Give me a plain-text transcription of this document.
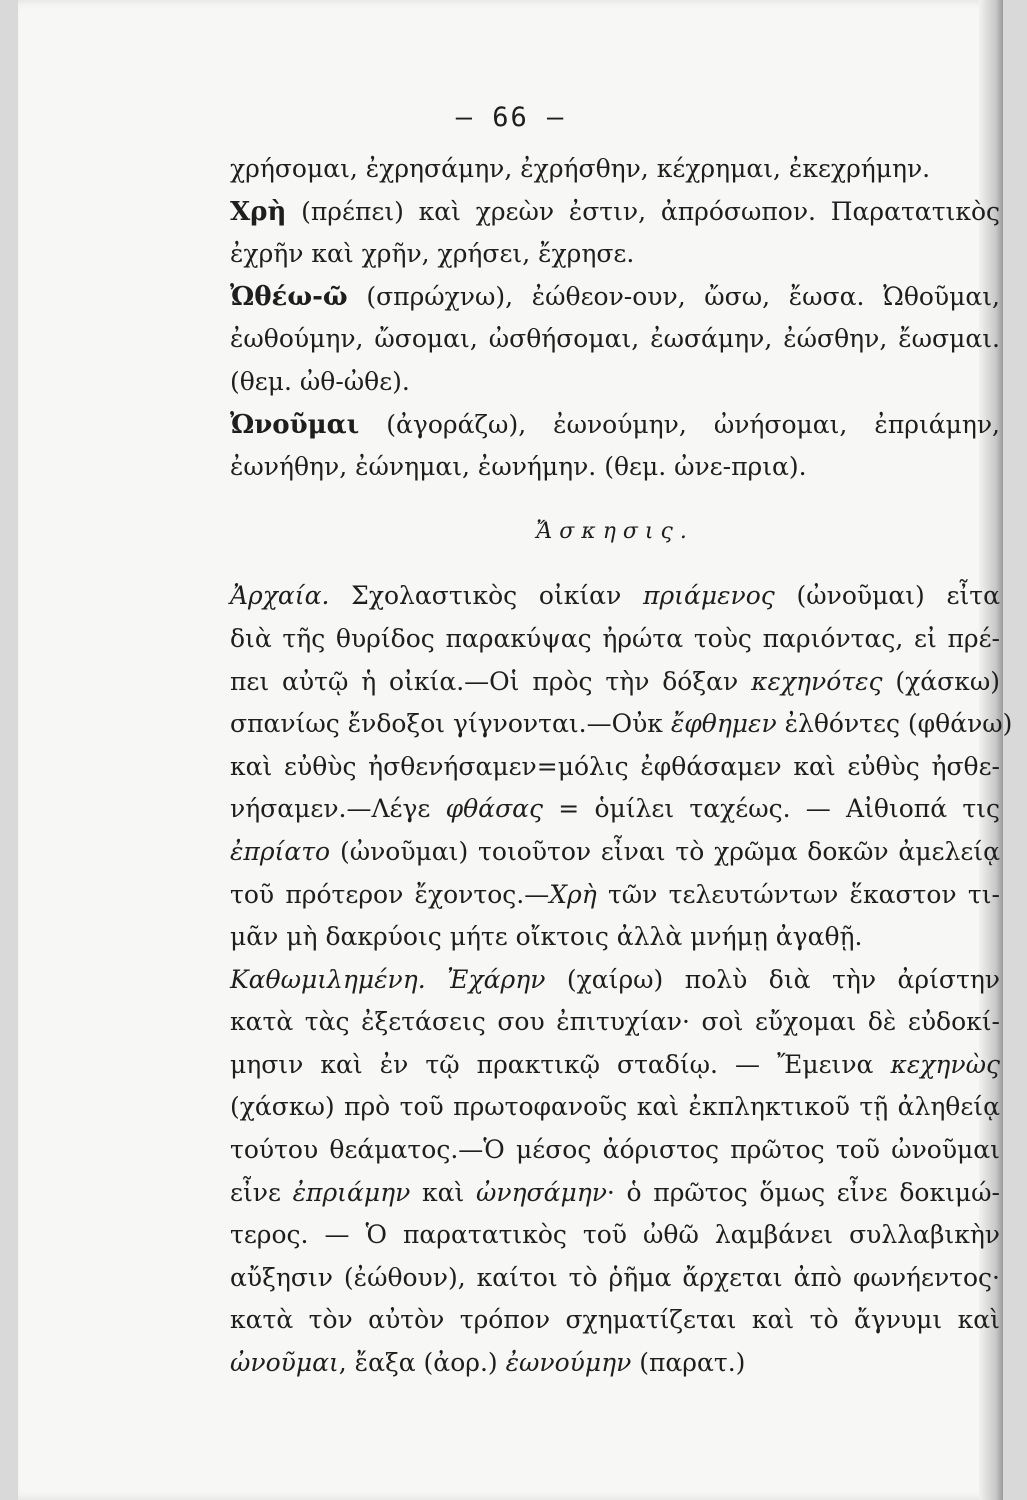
— 66 —
χρήσομαι, ἐχρησάμην, ἐχρήσθην, κέχρημαι, ἐκεχρήμην.
Χρὴ (πρέπει) καὶ χρεὼν ἐστιν, ἀπρόσωπον. Παρατατικὸς
ἐχρῆν καὶ χρῆν, χρήσει, ἔχρησε.
Ὠθέω-ῶ (σπρώχνω), ἐώθεον-ουν, ὤσω, ἔωσα. Ὠθοῦμαι,
ἐωθούμην, ὤσομαι, ὠσθήσομαι, ἐωσάμην, ἐώσθην, ἔωσμαι.
(θεμ. ὠθ-ὠθε).
Ὠνοῦμαι (ἀγοράζω), ἐωνούμην, ὠνήσομαι, ἐπριάμην,
ἐωνήθην, ἐώνημαι, ἐωνήμην. (θεμ. ὠνε-πρια).
Ἄσκησις.
Ἀρχαία. Σχολαστικὸς οἰκίαν πριάμενος (ὠνοῦμαι) εἶτα
διὰ τῆς θυρίδος παρακύψας ἠρώτα τοὺς παριόντας, εἰ πρέ-
πει αὐτῷ ἡ οἰκία.—Οἱ πρὸς τὴν δόξαν κεχηνότες (χάσκω)
σπανίως ἔνδοξοι γίγνονται.—Οὐκ ἔφθημεν ἐλθόντες (φθάνω)
καὶ εὐθὺς ἠσθενήσαμεν=μόλις ἐφθάσαμεν καὶ εὐθὺς ἠσθε-
νήσαμεν.—Λέγε φθάσας = ὁμίλει ταχέως. — Αἰθιοπά τις
ἐπρίατο (ὠνοῦμαι) τοιοῦτον εἶναι τὸ χρῶμα δοκῶν ἀμελείᾳ
τοῦ πρότερον ἔχοντος.—Χρὴ τῶν τελευτώντων ἕκαστον τι-
μᾶν μὴ δακρύοις μήτε οἴκτοις ἀλλὰ μνήμῃ ἀγαθῇ.
Καθωμιλημένη. Ἐχάρην (χαίρω) πολὺ διὰ τὴν ἀρίστην
κατὰ τὰς ἐξετάσεις σου ἐπιτυχίαν· σοὶ εὔχομαι δὲ εὐδοκί-
μησιν καὶ ἐν τῷ πρακτικῷ σταδίῳ. — Ἔμεινα κεχηνὼς
(χάσκω) πρὸ τοῦ πρωτοφανοῦς καὶ ἐκπληκτικοῦ τῇ ἀληθείᾳ
τούτου θεάματος.—Ὁ μέσος ἀόριστος πρῶτος τοῦ ὠνοῦμαι
εἶνε ἐπριάμην καὶ ὠνησάμην· ὁ πρῶτος ὅμως εἶνε δοκιμώ-
τερος. — Ὁ παρατατικὸς τοῦ ὠθῶ λαμβάνει συλλαβικὴν
αὔξησιν (ἐώθουν), καίτοι τὸ ῥῆμα ἄρχεται ἀπὸ φωνήεντος·
κατὰ τὸν αὐτὸν τρόπον σχηματίζεται καὶ τὸ ἄγνυμι καὶ
ὠνοῦμαι, ἔαξα (ἀορ.) ἐωνούμην (παρατ.)
